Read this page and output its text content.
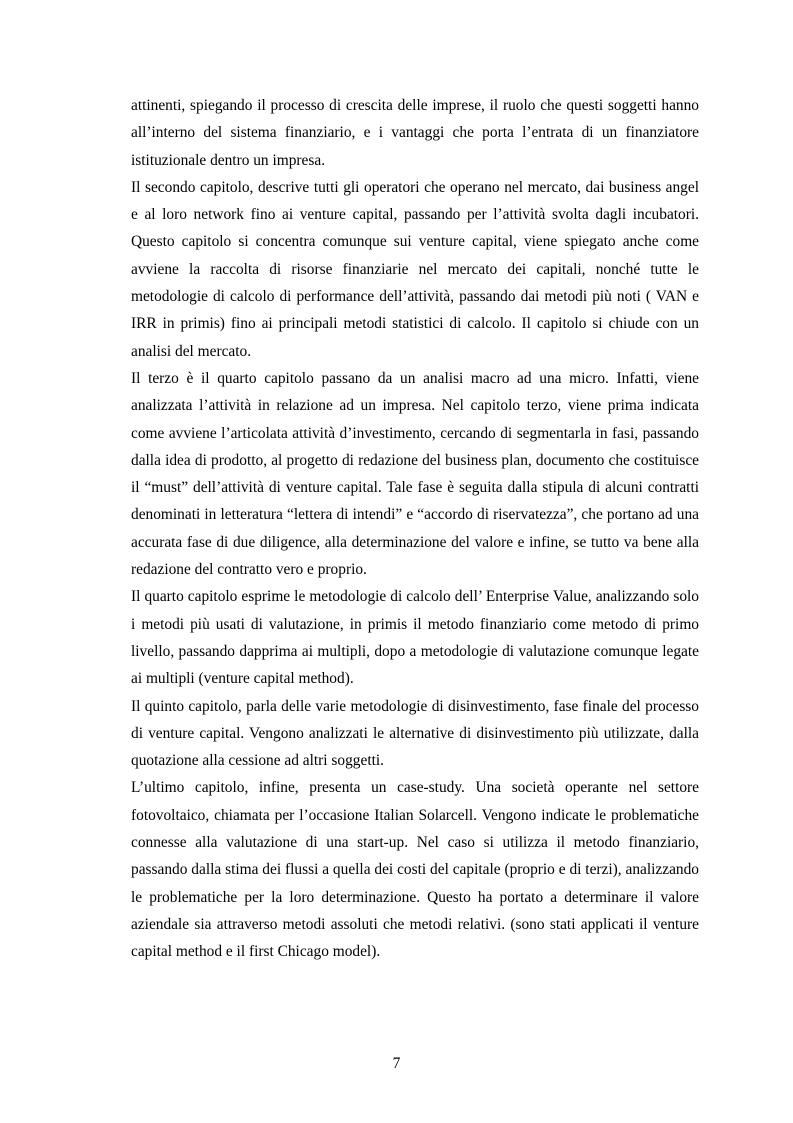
attinenti, spiegando il processo di crescita delle imprese, il ruolo che questi soggetti hanno all’interno del sistema finanziario, e i vantaggi che porta l’entrata di un finanziatore istituzionale dentro un impresa.

Il secondo capitolo, descrive tutti gli operatori che operano nel mercato, dai business angel e al loro network fino ai venture capital, passando per l’attività svolta dagli incubatori. Questo capitolo si concentra comunque sui venture capital, viene spiegato anche come avviene la raccolta di risorse finanziarie nel mercato dei capitali, nonché tutte le metodologie di calcolo di performance dell’attività, passando dai metodi più noti ( VAN e IRR in primis) fino ai principali metodi statistici di calcolo. Il capitolo si chiude con un analisi del mercato.

Il terzo è il quarto capitolo passano da un analisi macro ad una micro. Infatti, viene analizzata l’attività in relazione ad un impresa. Nel capitolo terzo, viene prima indicata come avviene l’articolata attività d’investimento, cercando di segmentarla in fasi, passando dalla idea di prodotto, al progetto di redazione del business plan, documento che costituisce il “must” dell’attività di venture capital. Tale fase è seguita dalla stipula di alcuni contratti denominati in letteratura “lettera di intendi” e “accordo di riservatezza”, che portano ad una accurata fase di due diligence, alla determinazione del valore e infine, se tutto va bene alla redazione del contratto vero e proprio.

Il quarto capitolo esprime le metodologie di calcolo dell’ Enterprise Value, analizzando solo i metodi più usati di valutazione, in primis il metodo finanziario come metodo di primo livello, passando dapprima ai multipli, dopo a metodologie di valutazione comunque legate ai multipli (venture capital method).

Il quinto capitolo, parla delle varie metodologie di disinvestimento, fase finale del processo di venture capital. Vengono analizzati le alternative di disinvestimento più utilizzate, dalla quotazione alla cessione ad altri soggetti.

L’ultimo capitolo, infine, presenta un case-study. Una società operante nel settore fotovoltaico, chiamata per l’occasione Italian Solarcell. Vengono indicate le problematiche connesse alla valutazione di una start-up. Nel caso si utilizza il metodo finanziario, passando dalla stima dei flussi a quella dei costi del capitale (proprio e di terzi), analizzando le problematiche per la loro determinazione. Questo ha portato a determinare il valore aziendale sia attraverso metodi assoluti che metodi relativi. (sono stati applicati il venture capital method e il first Chicago model).

7
